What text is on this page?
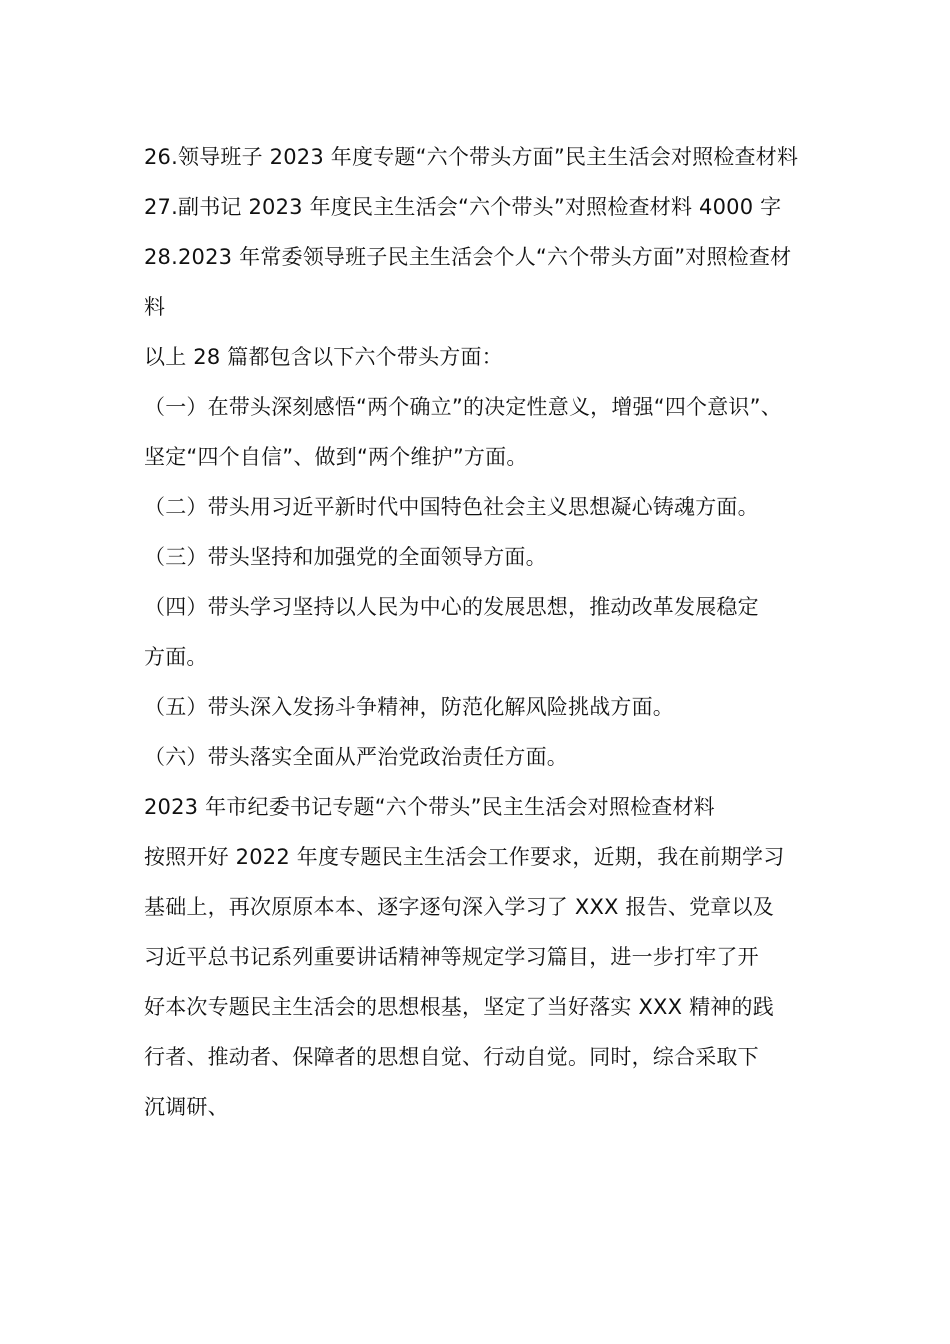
26.领导班子 2023 年度专题“六个带头方面”民主生活会对照检查材料
27.副书记 2023 年度民主生活会“六个带头”对照检查材料 4000 字
28.2023 年常委领导班子民主生活会个人“六个带头方面”对照检查材
料
以上 28 篇都包含以下六个带头方面：
（一）在带头深刻感悟“两个确立”的决定性意义，增强“四个意识”、
坚定“四个自信”、做到“两个维护”方面。
（二）带头用习近平新时代中国特色社会主义思想凝心铸魂方面。
（三）带头坚持和加强党的全面领导方面。
（四）带头学习坚持以人民为中心的发展思想，推动改革发展稳定
方面。
（五）带头深入发扬斗争精神，防范化解风险挑战方面。
（六）带头落实全面从严治党政治责任方面。
2023 年市纪委书记专题“六个带头”民主生活会对照检查材料
按照开好 2022 年度专题民主生活会工作要求，近期，我在前期学习
基础上，再次原原本本、逐字逐句深入学习了 XXX 报告、党章以及
习近平总书记系列重要讲话精神等规定学习篇目，进一步打牢了开
好本次专题民主生活会的思想根基，坚定了当好落实 XXX 精神的践
行者、推动者、保障者的思想自觉、行动自觉。同时，综合采取下
沉调研、
